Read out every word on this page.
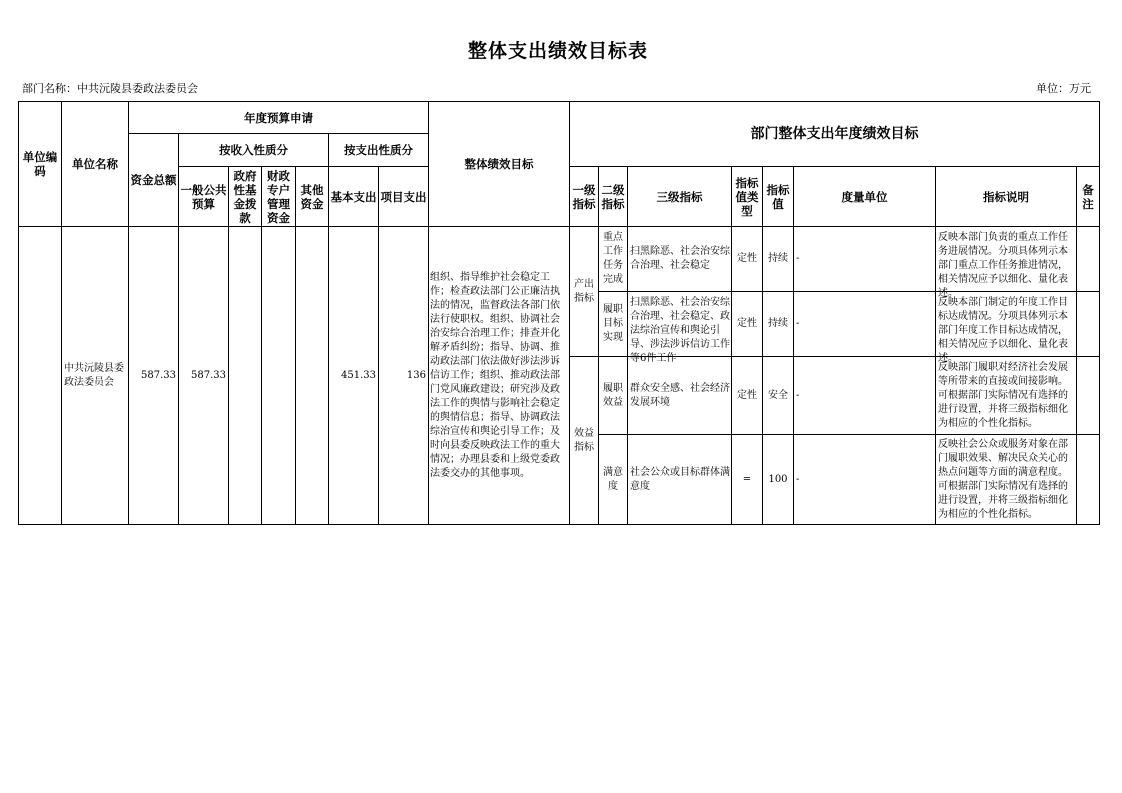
整体支出绩效目标表
部门名称：中共沅陵县委政法委员会	单位：万元
单位编码	单位名称	年度预算申请							整体绩效目标	部门整体支出年度绩效目标							
		资金总额	按收入性质分				按支出性质分										
			一般公共预算	政府性基金拨款	财政专户管理资金	其他资金	基本支出	项目支出		一级指标	二级指标	三级指标	指标值类型	指标值	度量单位	指标说明	备注

	中共沅陵县委政法委员会	587.33	587.33				451.33	136	组织、指导维护社会稳定工作；检查政法部门公正廉洁执法的情况，监督政法各部门依法行使职权。组织、协调社会治安综合治理工作；排查并化解矛盾纠纷；指导、协调、推动政法部门依法做好涉法涉诉信访工作；组织、推动政法部门党风廉政建设；研究涉及政法工作的舆情与影响社会稳定的舆情信息；指导、协调政法综治宣传和舆论引导工作；及时向县委反映政法工作的重大情况；办理县委和上级党委政法委交办的其他事项。	产出指标	重点工作任务完成	扫黑除恶、社会治安综合治理、社会稳定	定性	持续	-	反映本部门负责的重点工作任务进展情况。分项具体列示本部门重点工作任务推进情况，相关情况应予以细化、量化表述。	

											履职目标实现	扫黑除恶、社会治安综合治理、社会稳定、政法综治宣传和舆论引导、涉法涉诉信访工作等6件工作	定性	持续	-	反映本部门制定的年度工作目标达成情况。分项具体列示本部门年度工作目标达成情况，相关情况应予以细化、量化表述。	

										效益指标	履职效益	群众安全感、社会经济发展环境	定性	安全	-	反映部门履职对经济社会发展等所带来的直接或间接影响。可根据部门实际情况有选择的进行设置，并将三级指标细化为相应的个性化指标。	

											满意度	社会公众或目标群体满意度	=	100	-	反映社会公众或服务对象在部门履职效果、解决民众关心的热点问题等方面的满意程度。可根据部门实际情况有选择的进行设置，并将三级指标细化为相应的个性化指标。	
